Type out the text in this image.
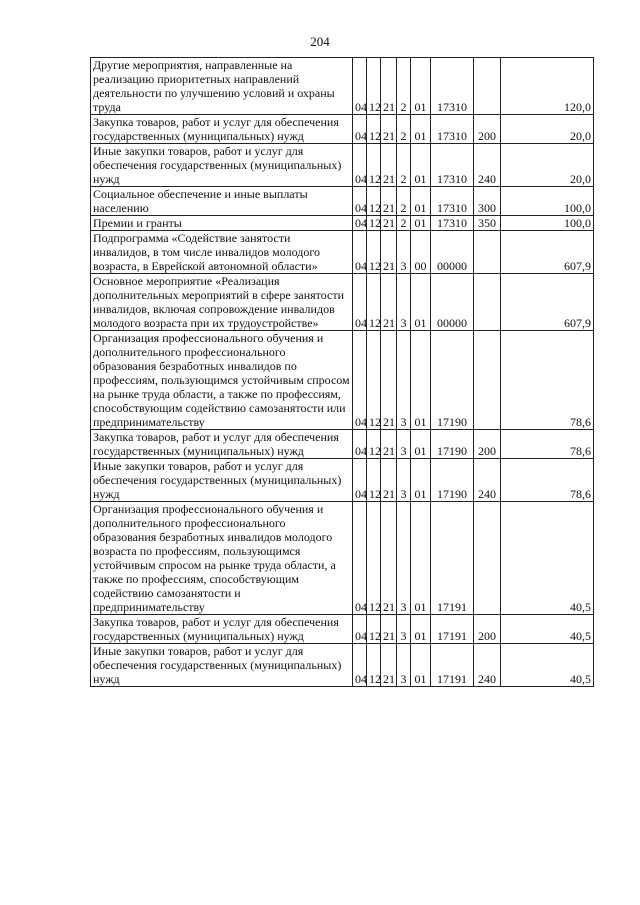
204
Другие мероприятия, направленные на реализацию приоритетных направлений деятельности по улучшению условий и охраны труда	04	12	21	2	01	17310		120,0
Закупка товаров, работ и услуг для обеспечения государственных (муниципальных) нужд	04	12	21	2	01	17310	200	20,0
Иные закупки товаров, работ и услуг для обеспечения государственных (муниципальных) нужд	04	12	21	2	01	17310	240	20,0
Социальное обеспечение и иные выплаты населению	04	12	21	2	01	17310	300	100,0
Премии и гранты	04	12	21	2	01	17310	350	100,0
Подпрограмма «Содействие занятости инвалидов, в том числе инвалидов молодого возраста, в Еврейской автономной области»	04	12	21	3	00	00000		607,9
Основное мероприятие «Реализация дополнительных мероприятий в сфере занятости инвалидов, включая сопровождение инвалидов молодого возраста при их трудоустройстве»	04	12	21	3	01	00000		607,9
Организация профессионального обучения и дополнительного профессионального образования безработных инвалидов по профессиям, пользующимся устойчивым спросом на рынке труда области, а также по профессиям, способствующим содействию самозанятости или предпринимательству	04	12	21	3	01	17190		78,6
Закупка товаров, работ и услуг для обеспечения государственных (муниципальных) нужд	04	12	21	3	01	17190	200	78,6
Иные закупки товаров, работ и услуг для обеспечения государственных (муниципальных) нужд	04	12	21	3	01	17190	240	78,6
Организация профессионального обучения и дополнительного профессионального образования безработных инвалидов молодого возраста по профессиям, пользующимся устойчивым спросом на рынке труда области, а также по профессиям, способствующим содействию самозанятости и предпринимательству	04	12	21	3	01	17191		40,5
Закупка товаров, работ и услуг для обеспечения государственных (муниципальных) нужд	04	12	21	3	01	17191	200	40,5
Иные закупки товаров, работ и услуг для обеспечения государственных (муниципальных) нужд	04	12	21	3	01	17191	240	40,5
